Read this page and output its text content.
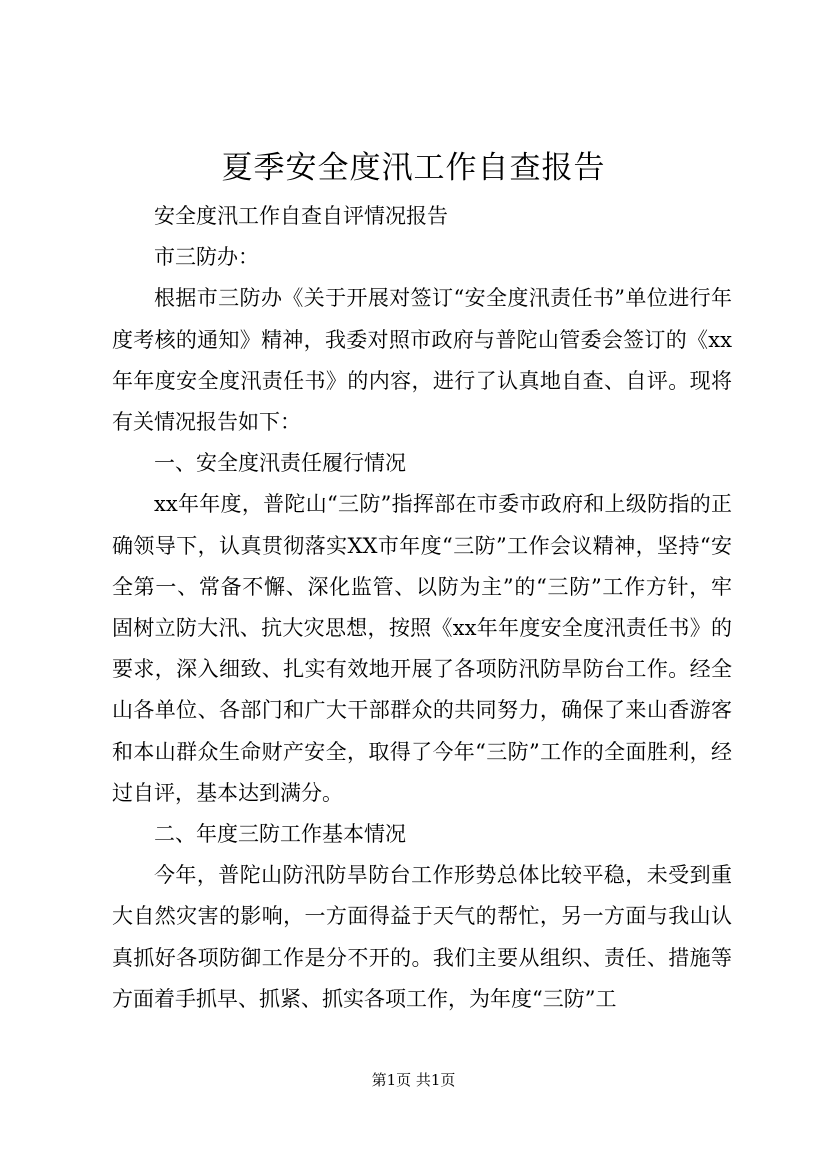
夏季安全度汛工作自查报告

安全度汛工作自查自评情况报告

市三防办：

根据市三防办《关于开展对签订“安全度汛责任书”单位进行年度考核的通知》精神，我委对照市政府与普陀山管委会签订的《xx年年度安全度汛责任书》的内容，进行了认真地自查、自评。现将有关情况报告如下：

一、安全度汛责任履行情况

xx年年度，普陀山“三防”指挥部在市委市政府和上级防指的正确领导下，认真贯彻落实XX市年度“三防”工作会议精神，坚持“安全第一、常备不懈、深化监管、以防为主”的“三防”工作方针，牢固树立防大汛、抗大灾思想，按照《xx年年度安全度汛责任书》的要求，深入细致、扎实有效地开展了各项防汛防旱防台工作。经全山各单位、各部门和广大干部群众的共同努力，确保了来山香游客和本山群众生命财产安全，取得了今年“三防”工作的全面胜利，经过自评，基本达到满分。

二、年度三防工作基本情况

今年，普陀山防汛防旱防台工作形势总体比较平稳，未受到重大自然灾害的影响，一方面得益于天气的帮忙，另一方面与我山认真抓好各项防御工作是分不开的。我们主要从组织、责任、措施等方面着手抓早、抓紧、抓实各项工作，为年度“三防”工

第1页 共1页
